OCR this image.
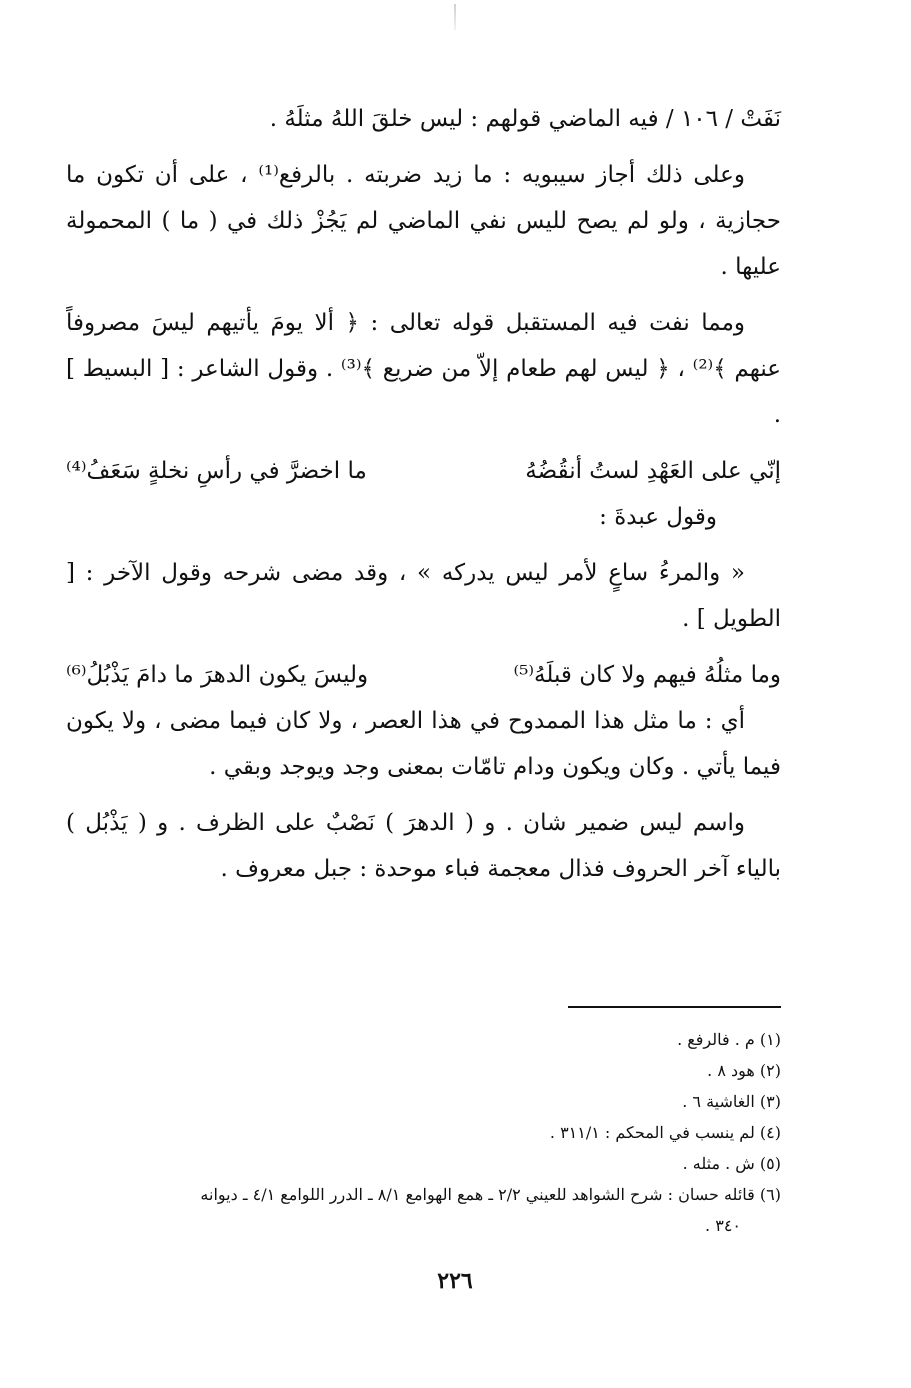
نَفَتْ / ١٠٦ / فيه الماضي قولهم : ليس خلقَ اللهُ مثلَهُ .

وعلى ذلك أجاز سيبويه : ما زيد ضربته . بالرفع⁽¹⁾ ، على أن تكون ما حجازية ، ولو لم يصح لليس نفي الماضي لم يَجُزْ ذلك في ( ما ) المحمولة عليها .

ومما نفت فيه المستقبل قوله تعالى : ﴿ ألا يومَ يأتيهم ليسَ مصروفاً عنهم ﴾⁽²⁾ ، ﴿ ليس لهم طعام إلاّ من ضريع ﴾⁽³⁾ . وقول الشاعر : [ البسيط ] .

إنّي على العَهْدِ لستُ أنقُضُهُ
ما اخضرَّ في رأسِ نخلةٍ سَعَفُ⁽⁴⁾

وقول عبدةَ :

« والمرءُ ساعٍ لأمر ليس يدركه » ، وقد مضى شرحه وقول الآخر : [ الطويل ] .

وما مثلُهُ فيهم ولا كان قبلَهُ⁽⁵⁾
وليسَ يكون الدهرَ ما دامَ يَذْبُلُ⁽⁶⁾

أي : ما مثل هذا الممدوح في هذا العصر ، ولا كان فيما مضى ، ولا يكون فيما يأتي . وكان ويكون ودام تامّات بمعنى وجد ويوجد وبقي .

واسم ليس ضمير شان . و ( الدهرَ ) نَصْبٌ على الظرف . و ( يَذْبُل ) بالياء آخر الحروف فذال معجمة فباء موحدة : جبل معروف .

(١) م . فالرفع .
(٢) هود ٨ .
(٣) الغاشية ٦ .
(٤) لم ينسب في المحكم : ٣١١/١ .
(٥) ش . مثله .
(٦) قائله حسان : شرح الشواهد للعيني ٢/٢ ـ همع الهوامع ٨/١ ـ الدرر اللوامع ٤/١ ـ ديوانه
٣٤٠ .
٢٢٦
